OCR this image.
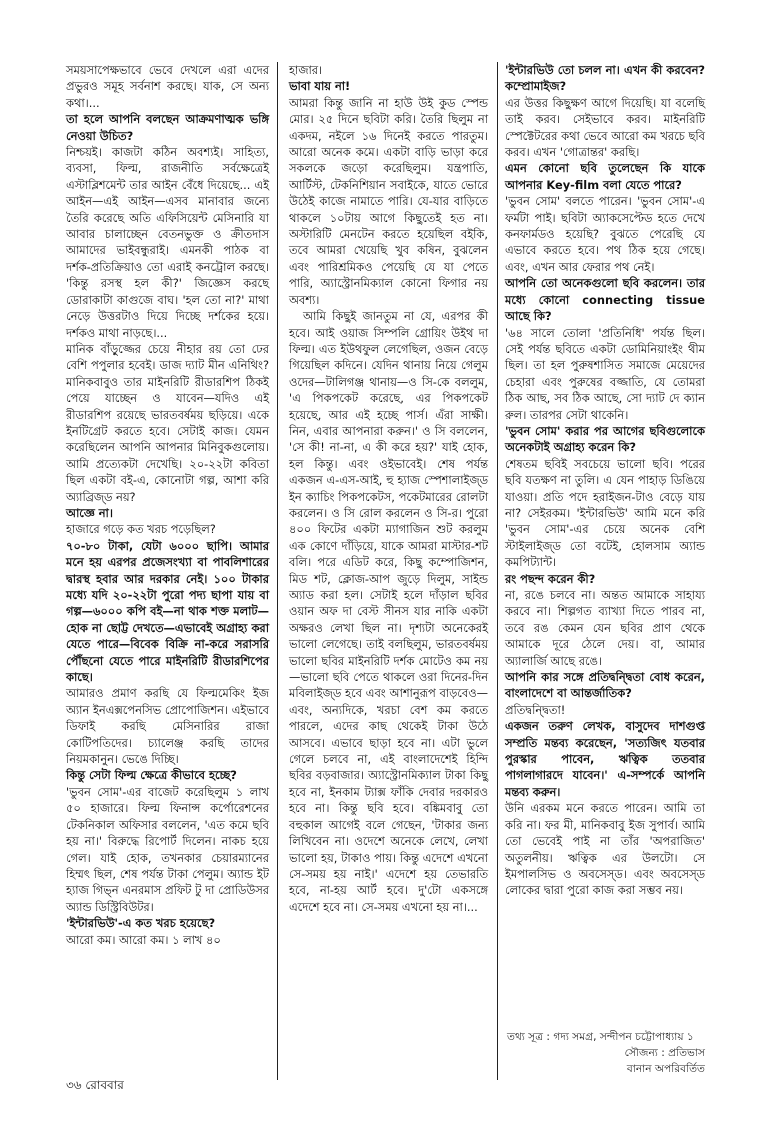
সময়সাপেক্ষভাবে ভেবে দেখলে এরা এদের প্রভুরও সমূহ সর্বনাশ করছে। যাক, সে অন্য কথা।...

তা হলে আপনি বলছেন আক্রমণাত্মক ভঙ্গি নেওয়া উচিত?

নিশ্চয়ই। কাজটা কঠিন অবশ্যই। সাহিত্য, ব্যবসা, ফিল্ম, রাজনীতি সর্বক্ষেত্রেই এস্টাব্লিশমেন্ট তার আইন বেঁধে দিয়েছে... এই আইন—এই আইন—এসব মানাবার জন্যে তৈরি করেছে অতি এফিসিয়েন্ট মেসিনারি যা আবার চালাচ্ছেন বেতনভুক্ত ও ক্রীতদাস আমাদের ভাইবন্ধুরাই। এমনকী পাঠক বা দর্শক-প্রতিক্রিয়াও তো এরাই কনট্রোল করছে। 'কিন্তু রসস্থ হল কী?' জিজ্ঞেস করছে ডোরাকাটা কাগুজে বাঘ। 'হল তো না?' মাথা নেড়ে উত্তরটাও দিয়ে দিচ্ছে দর্শকের হয়ে। দর্শকও মাথা নাড়ছে।...

মানিক বাঁড়ুজ্জের চেয়ে নীহার রয় তো ঢের বেশি পপুলার হবেই। ডাজ দ্যাট মীন এনিথিং? মানিকবাবুও তার মাইনরিটি রীডারশিপ ঠিকই পেয়ে যাচ্ছেন ও যাবেন—যদিও এই রীডারশিপ রয়েছে ভারতবর্ষময় ছড়িয়ে। একে ইনটিগ্রেট করতে হবে। সেটাই কাজ। যেমন করেছিলেন আপনি আপনার মিনিবুকগুলোয়। আমি প্রত্যেকটা দেখেছি। ২০-২২টা কবিতা ছিল একটা বই-এ, কোনোটা গল্প, আশা করি অ্যাব্রিজ্ড নয়?

আজ্ঞে না।

হাজারে গড়ে কত খরচ পড়েছিল?

৭০-৮০ টাকা, যেটা ৬০০০ ছাপি। আমার মনে হয় এরপর প্রজেসংখ্যা বা পাবলিশারের দ্বারস্থ হবার আর দরকার নেই। ১০০ টাকার মধ্যে যদি ২০-২২টা পুরো পদ্য ছাপা যায় বা গল্প—৬০০০ কপি বই—না থাক শক্ত মলাট—হোক না ছোট্ট দেখতে—এভাবেই অগ্রাহ্য করা যেতে পারে—বিবেক বিক্রি না-করে সরাসরি পৌঁছনো যেতে পারে মাইনরিটি রীডারশিপের কাছে।

আমারও প্রমাণ করছি যে ফিল্মমেকিং ইজ অ্যান ইনএক্সপেনসিভ প্রোপোজিশন। এইভাবে ডিফাই করছি মেসিনারির রাজা কোটিপতিদের। চ্যালেঞ্জ করছি তাদের নিয়মকানুন। ভেঙে দিচ্ছি।

কিন্তু সেটা ফিল্ম ক্ষেত্রে কীভাবে হচ্ছে?

'ভুবন সোম'-এর বাজেট করেছিলুম ১ লাখ ৫০ হাজারে। ফিল্ম ফিনান্স কর্পোরেশনের টেকনিকাল অফিসার বললেন, 'এত কমে ছবি হয় না।' বিরুদ্ধে রিপোর্ট দিলেন। নাকচ হয়ে গেল। যাই হোক, তখনকার চেয়ারম্যানের হিম্মৎ ছিল, শেষ পর্যন্ত টাকা পেলুম। অ্যান্ড ইট হ্যাজ গিভ্ন এনরমাস প্রফিট টু দা প্রোডিউসর অ্যান্ড ডিস্ট্রিবিউটর।

'ইন্টারভিউ'-এ কত খরচ হয়েছে?

আরো কম। আরো কম। ১ লাখ ৪০

হাজার।

ভাবা যায় না!

আমরা কিন্তু জানি না হাউ উই কুড স্পেন্ড মোর। ২৫ দিনে ছবিটা করি। তৈরি ছিলুম না একদম, নইলে ১৬ দিনেই করতে পারতুম। আরো অনেক কমে। একটা বাড়ি ভাড়া করে সকলকে জড়ো করেছিলুম। যন্ত্রপাতি, আর্টিস্ট, টেকনিশিয়ান সবাইকে, যাতে ভোরে উঠেই কাজে নামাতে পারি। যে-যার বাড়িতে থাকলে ১০টায় আগে কিছুতেই হত না। অস্টারিটি মেনটেন করতে হয়েছিল বইকি, তবে আমরা খেয়েছি খুব কষিন, বুঝলেন এবং পারিশ্রমিকও পেয়েছি যে যা পেতে পারি, অ্যাস্ট্রোনমিক্যাল কোনো ফিগার নয় অবশ্য।

আমি কিছুই জানতুম না যে, এরপর কী হবে। আই ওয়াজ সিম্পলি গ্রোয়িং উইথ দা ফিল্ম। এত ইউথফুল লেগেছিল, ওজন বেড়ে গিয়েছিল কদিনে। যেদিন থানায় নিয়ে গেলুম ওদের—টালিগঞ্জ থানায়—ও সি-কে বললুম, 'এ পিকপকেট করেছে, এর পিকপকেট হয়েছে, আর এই হচ্ছে পার্স। এঁরা সাক্ষী। নিন, এবার আপনারা করুন।' ও সি বললেন, 'সে কী! না-না, এ কী করে হয়?' যাই হোক, হল কিন্তু। এবং ওইভাবেই। শেষ পর্যন্ত একজন এ-এস-আই, হু হ্যাজ স্পেশালাইজ্ড ইন ক্যাচিং পিকপকেটস, পকেটমারের রোলটা করলেন। ও সি রোল করলেন ও সি-র। পুরো ৪০০ ফিটের একটা ম্যাগাজিন শুট করলুম এক কোণে দাঁড়িয়ে, যাকে আমরা মাস্টার-শট বলি। পরে এডিট করে, কিছু কম্পোজিশন, মিড শট, ক্লোজ-আপ জুড়ে দিলুম, সাইন্ড অ্যাড করা হল। সেটাই হলে দাঁড়াল ছবির ওয়ান অফ দা বেস্ট সীনস যার নাকি একটা অক্ষরও লেখা ছিল না। দৃশ্যটা অনেকেরই ভালো লেগেছে। তাই বলছিলুম, ভারতবর্ষময় ভালো ছবির মাইনরিটি দর্শক মোটেও কম নয়—ভালো ছবি পেতে থাকলে ওরা দিনের-দিন মবিলাইজ্ড হবে এবং আশানুরূপ বাড়বেও—এবং, অন্যদিকে, খরচা বেশ কম করতে পারলে, এদের কাছ থেকেই টাকা উঠে আসবে। এভাবে ছাড়া হবে না। এটা ভুলে গেলে চলবে না, এই বাংলাদেশেই হিন্দি ছবির বড়বাজার। অ্যাস্ট্রোনমিক্যাল টাকা কিছু হবে না, ইনকাম ট্যাক্স ফাঁকি দেবার দরকারও হবে না। কিন্তু ছবি হবে। বঙ্কিমবাবু তো বহুকাল আগেই বলে গেছেন, 'টাকার জন্য লিখিবেন না। ওদেশে অনেকে লেখে, লেখা ভালো হয়, টাকাও পায়। কিন্তু এদেশে এখনো সে-সময় হয় নাই।' এদেশে হয় তেভারতি হবে, না-হয় আর্ট হবে। দু'টো একসঙ্গে এদেশে হবে না। সে-সময় এখনো হয় না।...

'ইন্টারভিউ তো চলল না। এখন কী করবেন? কম্প্রোমাইজ?

এর উত্তর কিছুক্ষণ আগে দিয়েছি। যা বলেছি তাই করব। সেইভাবে করব। মাইনরিটি স্পেক্টেটরের কথা ভেবে আরো কম খরচে ছবি করব। এখন 'গোত্রান্তর' করছি।

এমন কোনো ছবি তুলেছেন কি যাকে আপনার Key-film বলা যেতে পারে?

'ভুবন সোম' বলতে পারেন। 'ভুবন সোম'-এ ফর্মটা পাই। ছবিটা অ্যাকসেপ্টেড হতে দেখে কনফার্মডও হয়েছি? বুঝতে পেরেছি যে এভাবে করতে হবে। পথ ঠিক হয়ে গেছে। এবং, এখন আর ফেরার পথ নেই।

আপনি তো অনেকগুলো ছবি করলেন। তার মধ্যে কোনো connecting tissue আছে কি?

'৬৪ সালে তোলা 'প্রতিনিধি' পর্যন্ত ছিল। সেই পর্যন্ত ছবিতে একটা ডোমিনিয়াংইং থীম ছিল। তা হল পুরুষশাসিত সমাজে মেয়েদের চেহারা এবং পুরুষের বজ্জাতি, যে তোমরা ঠিক আছ, সব ঠিক আছে, সো দ্যাট দে ক্যান রুল। তারপর সেটা থাকেনি।

'ভুবন সোম' করার পর আগের ছবিগুলোকে অনেকটাই অগ্রাহ্য করেন কি?

শেষতম ছবিই সবচেয়ে ভালো ছবি। পরের ছবি যতক্ষণ না তুলি। এ যেন পাহাড় ডিঙিয়ে যাওয়া। প্রতি পদে হরাইজন-টাও বেড়ে যায় না? সেইরকম। 'ইন্টারভিউ' আমি মনে করি 'ভুবন সোম'-এর চেয়ে অনেক বেশি স্টাইলাইজ্ড তো বটেই, হোলসাম অ্যান্ড কমপিট্যান্ট।

রং পছন্দ করেন কী?

না, রঙে চলবে না। অন্তত আমাকে সাহায্য করবে না। শিল্পগত ব্যাখ্যা দিতে পারব না, তবে রঙ কেমন যেন ছবির প্রাণ থেকে আমাকে দূরে ঠেলে দেয়। বা, আমার অ্যালার্জি আছে রঙে।

আপনি কার সঙ্গে প্রতিদ্বন্দ্বিতা বোধ করেন, বাংলাদেশে বা আন্তর্জাতিক?

প্রতিদ্বন্দ্বিতা!

একজন তরুণ লেখক, বাসুদেব দাশগুপ্ত সম্প্রতি মন্তব্য করেছেন, 'সত্যজিৎ যতবার পুরস্কার পাবেন, ঋত্বিক ততবার পাগলাগারদে যাবেন।' এ-সম্পর্কে আপনি মন্তব্য করুন।

উনি এরকম মনে করতে পারেন। আমি তা করি না। ফর মী, মানিকবাবু ইজ সুপার্ব। আমি তো ভেবেই পাই না তাঁর 'অপরাজিত' অতুলনীয়। ঋত্বিক এর উলটো। সে ইমপালসিভ ও অবসেস্ড। এবং অবসেস্ড লোকের দ্বারা পুরো কাজ করা সম্ভব নয়।

তথ্য সূত্র : গদ্য সমগ্র, সন্দীপন চট্টোপাধ্যায় ১
সৌজন্য : প্রতিভাস
বানান অপরিবর্তিত
৩৬ রোববার
